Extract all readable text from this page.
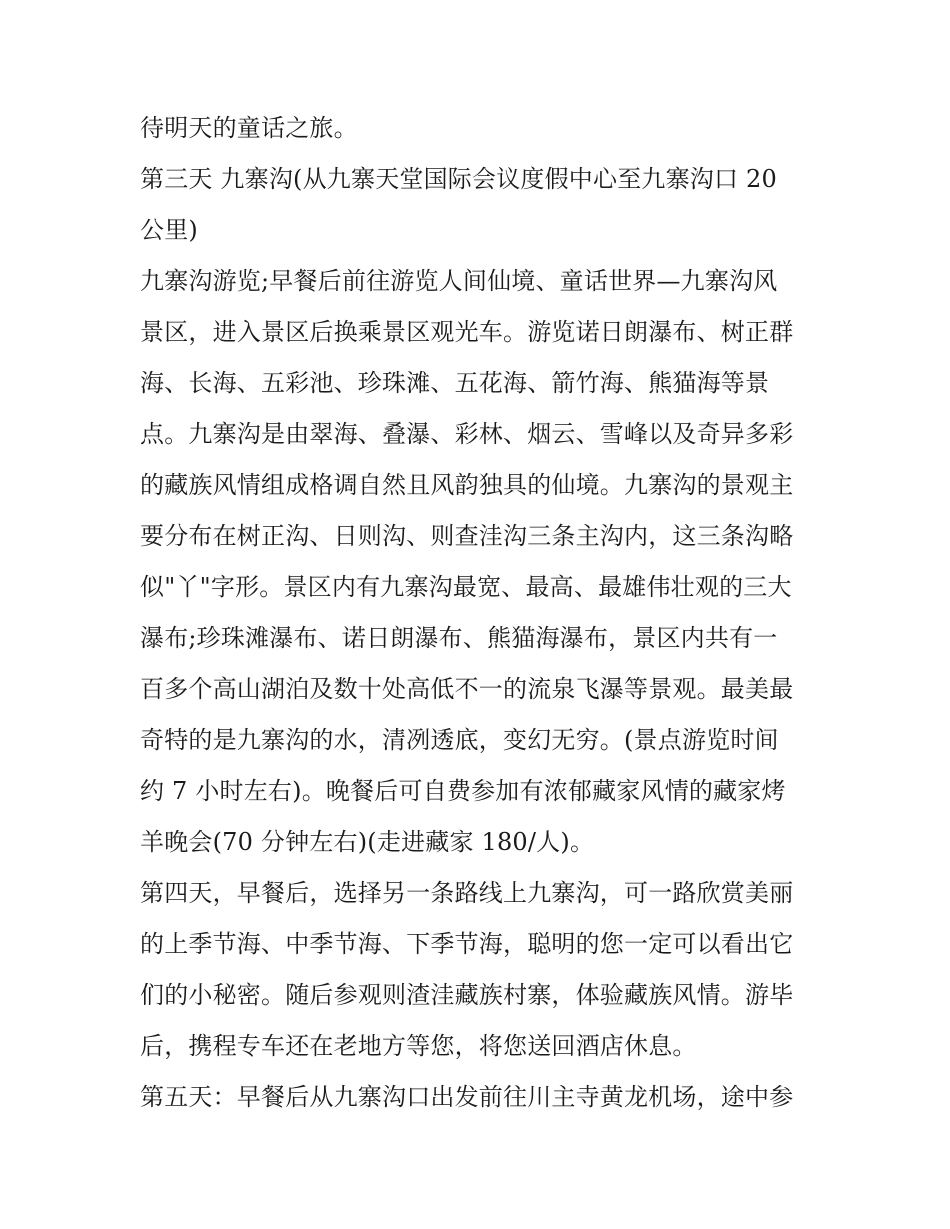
待明天的童话之旅。
第三天 九寨沟(从九寨天堂国际会议度假中心至九寨沟口 20
公里)
九寨沟游览;早餐后前往游览人间仙境、童话世界—九寨沟风
景区，进入景区后换乘景区观光车。游览诺日朗瀑布、树正群
海、长海、五彩池、珍珠滩、五花海、箭竹海、熊猫海等景
点。九寨沟是由翠海、叠瀑、彩林、烟云、雪峰以及奇异多彩
的藏族风情组成格调自然且风韵独具的仙境。九寨沟的景观主
要分布在树正沟、日则沟、则查洼沟三条主沟内，这三条沟略
似"丫"字形。景区内有九寨沟最宽、最高、最雄伟壮观的三大
瀑布;珍珠滩瀑布、诺日朗瀑布、熊猫海瀑布，景区内共有一
百多个高山湖泊及数十处高低不一的流泉飞瀑等景观。最美最
奇特的是九寨沟的水，清冽透底，变幻无穷。(景点游览时间
约 7 小时左右)。晚餐后可自费参加有浓郁藏家风情的藏家烤
羊晚会(70 分钟左右)(走进藏家 180/人)。
第四天，早餐后，选择另一条路线上九寨沟，可一路欣赏美丽
的上季节海、中季节海、下季节海，聪明的您一定可以看出它
们的小秘密。随后参观则渣洼藏族村寨，体验藏族风情。游毕
后，携程专车还在老地方等您，将您送回酒店休息。
第五天：早餐后从九寨沟口出发前往川主寺黄龙机场，途中参
